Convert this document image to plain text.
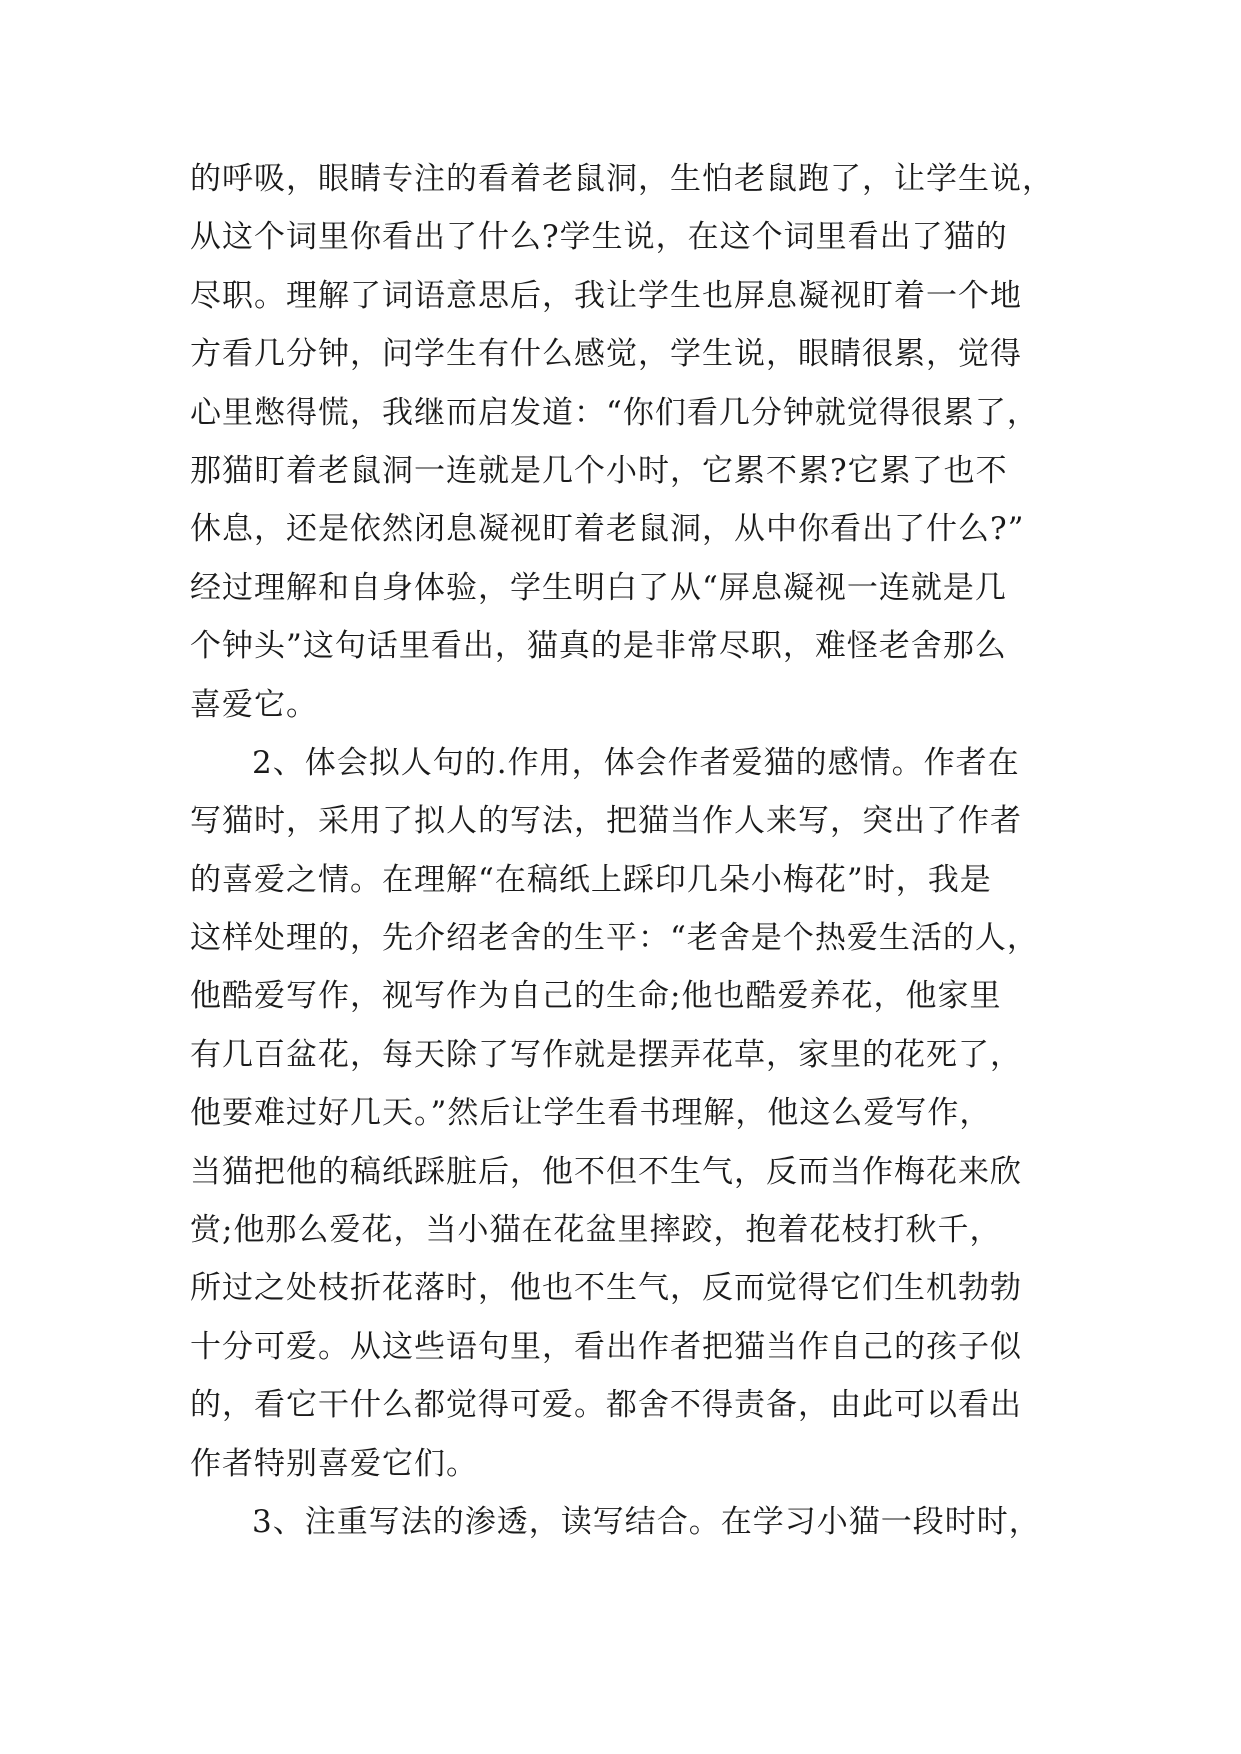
的呼吸，眼睛专注的看着老鼠洞，生怕老鼠跑了，让学生说，
从这个词里你看出了什么?学生说，在这个词里看出了猫的
尽职。理解了词语意思后，我让学生也屏息凝视盯着一个地
方看几分钟，问学生有什么感觉，学生说，眼睛很累，觉得
心里憋得慌，我继而启发道：“你们看几分钟就觉得很累了，
那猫盯着老鼠洞一连就是几个小时，它累不累?它累了也不
休息，还是依然闭息凝视盯着老鼠洞，从中你看出了什么?”
经过理解和自身体验，学生明白了从“屏息凝视一连就是几
个钟头”这句话里看出，猫真的是非常尽职，难怪老舍那么
喜爱它。
2、体会拟人句的.作用，体会作者爱猫的感情。作者在
写猫时，采用了拟人的写法，把猫当作人来写，突出了作者
的喜爱之情。在理解“在稿纸上踩印几朵小梅花”时，我是
这样处理的，先介绍老舍的生平：“老舍是个热爱生活的人，
他酷爱写作，视写作为自己的生命;他也酷爱养花，他家里
有几百盆花，每天除了写作就是摆弄花草，家里的花死了，
他要难过好几天。”然后让学生看书理解，他这么爱写作，
当猫把他的稿纸踩脏后，他不但不生气，反而当作梅花来欣
赏;他那么爱花，当小猫在花盆里摔跤，抱着花枝打秋千，
所过之处枝折花落时，他也不生气，反而觉得它们生机勃勃
十分可爱。从这些语句里，看出作者把猫当作自己的孩子似
的，看它干什么都觉得可爱。都舍不得责备，由此可以看出
作者特别喜爱它们。
3、注重写法的渗透，读写结合。在学习小猫一段时时，
